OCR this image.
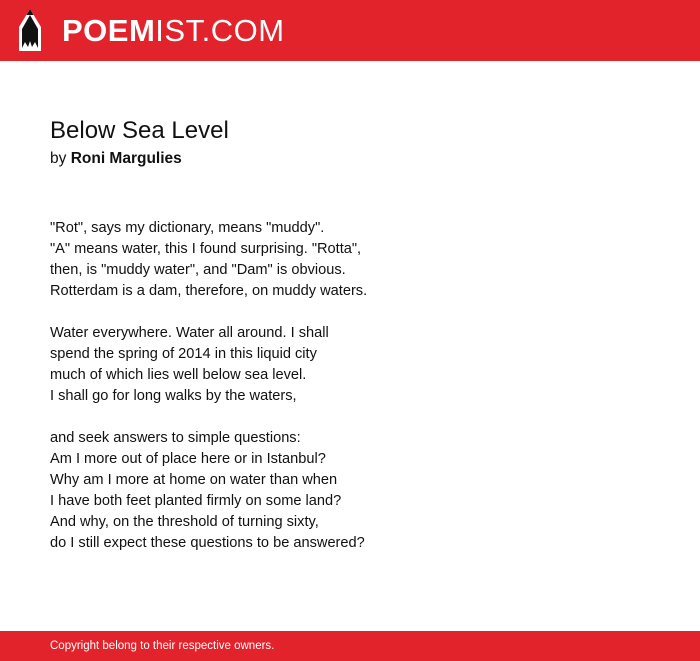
POEMIST.COM
Below Sea Level
by Roni Margulies
"Rot", says my dictionary, means "muddy".
"A" means water, this I found surprising. "Rotta",
then, is "muddy water", and "Dam" is obvious.
Rotterdam is a dam, therefore, on muddy waters.
Water everywhere. Water all around. I shall
spend the spring of 2014 in this liquid city
much of which lies well below sea level.
I shall go for long walks by the waters,
and seek answers to simple questions:
Am I more out of place here or in Istanbul?
Why am I more at home on water than when
I have both feet planted firmly on some land?
And why, on the threshold of turning sixty,
do I still expect these questions to be answered?
Copyright belong to their respective owners.
